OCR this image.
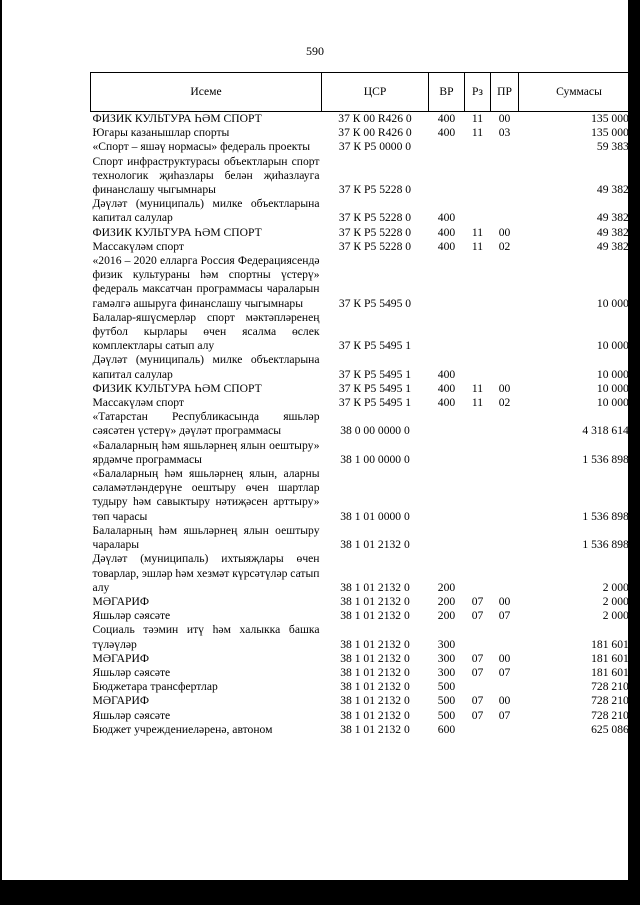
590
Исеме	ЦСР	ВР	Рз	ПР	Суммасы
ФИЗИК КУЛЬТУРА ҺӘМ СПОРТ	37 К 00 R426 0	400	11	00	135 000,0
Югары казанышлар спорты	37 К 00 R426 0	400	11	03	135 000,0
«Спорт – яшәү нормасы» федераль проекты	37 К Р5 0000 0				59 383,1
Спорт инфраструктурасы объектларын спорт технологик җиһазлары белән җиһазлауга финанслашу чыгымнары	37 К Р5 5228 0				49 382,7
Дәүләт (муниципаль) милке объектларына капитал салулар	37 К Р5 5228 0	400			49 382,7
ФИЗИК КУЛЬТУРА ҺӘМ СПОРТ	37 К Р5 5228 0	400	11	00	49 382,7
Массакүләм спорт	37 К Р5 5228 0	400	11	02	49 382,7
«2016 – 2020 елларга Россия Федерациясендә физик культураны һәм спортны үстерү» федераль максатчан программасы чараларын гамәлгә ашыруга финанслашу чыгымнары	37 К Р5 5495 0				10 000,4
Балалар-яшүсмерләр спорт мәктәпләренең футбол кырлары өчен ясалма өслек комплектлары сатып алу	37 К Р5 5495 1				10 000,4
Дәүләт (муниципаль) милке объектларына капитал салулар	37 К Р5 5495 1	400			10 000,4
ФИЗИК КУЛЬТУРА ҺӘМ СПОРТ	37 К Р5 5495 1	400	11	00	10 000,4
Массакүләм спорт	37 К Р5 5495 1	400	11	02	10 000,4
«Татарстан Республикасында яшьләр сәясәтен үстерү» дәүләт программасы	38 0 00 0000 0				4 318 614,7
«Балаларның һәм яшьләрнең ялын оештыру» ярдәмче программасы	38 1 00 0000 0				1 536 898,1
«Балаларның һәм яшьләрнең ялын, аларны сәламәтләндерүне оештыру өчен шартлар тудыру һәм савыктыру нәтиҗәсен арттыру» төп чарасы	38 1 01 0000 0				1 536 898,1
Балаларның һәм яшьләрнең ялын оештыру чаралары	38 1 01 2132 0				1 536 898,1
Дәүләт (муниципаль) ихтыяҗлары өчен товарлар, эшләр һәм хезмәт күрсәтүләр сатып алу	38 1 01 2132 0	200			2 000,0
МӘГАРИФ	38 1 01 2132 0	200	07	00	2 000,0
Яшьләр сәясәте	38 1 01 2132 0	200	07	07	2 000,0
Социаль тәэмин итү һәм халыкка башка түләүләр	38 1 01 2132 0	300			181 601,5
МӘГАРИФ	38 1 01 2132 0	300	07	00	181 601,5
Яшьләр сәясәте	38 1 01 2132 0	300	07	07	181 601,5
Бюджетара трансфертлар	38 1 01 2132 0	500			728 210,0
МӘГАРИФ	38 1 01 2132 0	500	07	00	728 210,0
Яшьләр сәясәте	38 1 01 2132 0	500	07	07	728 210,0
Бюджет учреждениеләренә, автоном	38 1 01 2132 0	600			625 086,6
